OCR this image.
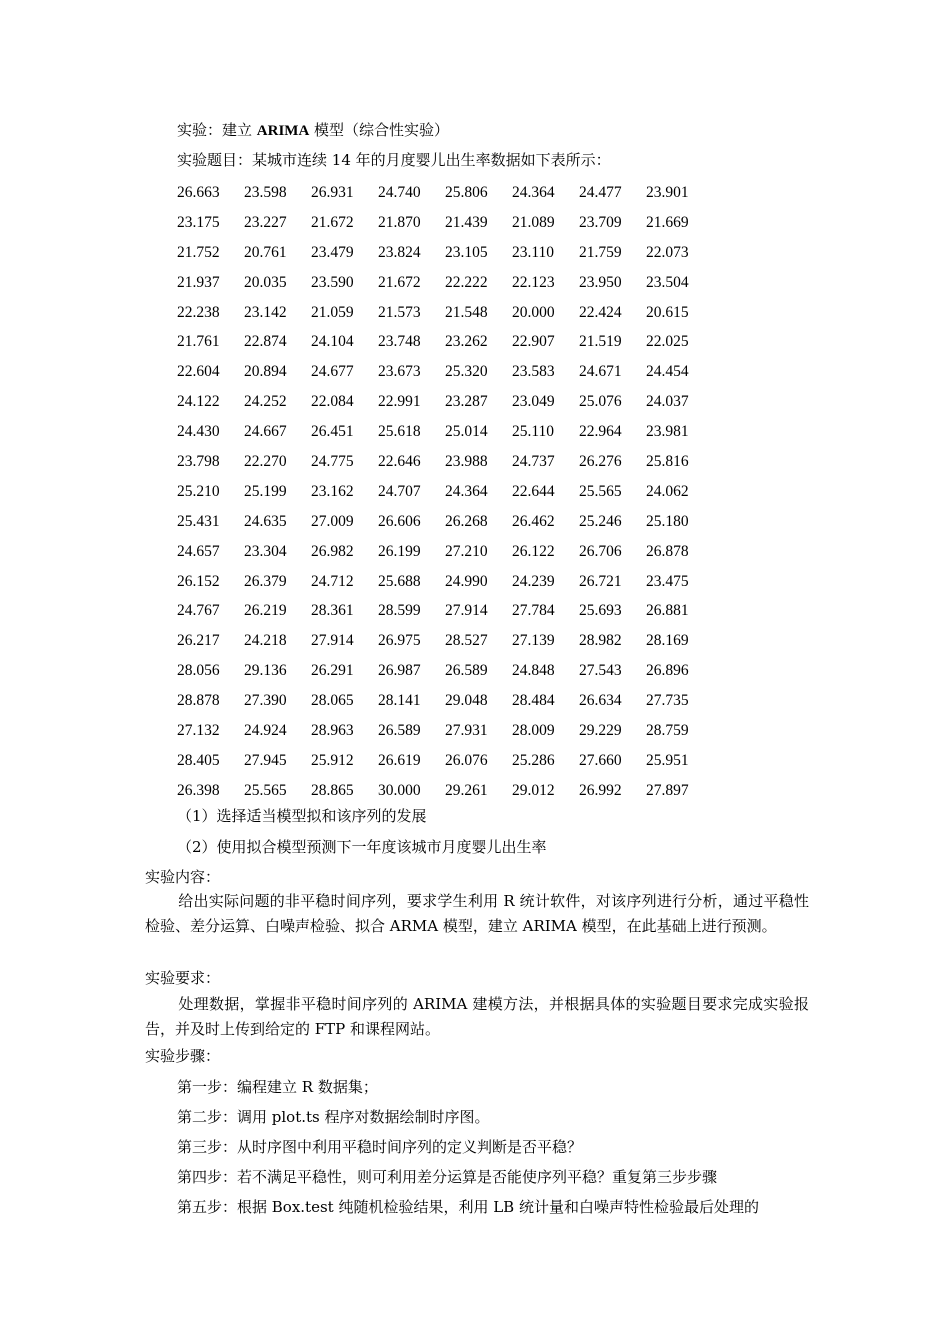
实验：建立 ARIMA 模型（综合性实验）
实验题目：某城市连续 14 年的月度婴儿出生率数据如下表所示：
26.663	23.598	26.931	24.740	25.806	24.364	24.477	23.901
23.175	23.227	21.672	21.870	21.439	21.089	23.709	21.669
21.752	20.761	23.479	23.824	23.105	23.110	21.759	22.073
21.937	20.035	23.590	21.672	22.222	22.123	23.950	23.504
22.238	23.142	21.059	21.573	21.548	20.000	22.424	20.615
21.761	22.874	24.104	23.748	23.262	22.907	21.519	22.025
22.604	20.894	24.677	23.673	25.320	23.583	24.671	24.454
24.122	24.252	22.084	22.991	23.287	23.049	25.076	24.037
24.430	24.667	26.451	25.618	25.014	25.110	22.964	23.981
23.798	22.270	24.775	22.646	23.988	24.737	26.276	25.816
25.210	25.199	23.162	24.707	24.364	22.644	25.565	24.062
25.431	24.635	27.009	26.606	26.268	26.462	25.246	25.180
24.657	23.304	26.982	26.199	27.210	26.122	26.706	26.878
26.152	26.379	24.712	25.688	24.990	24.239	26.721	23.475
24.767	26.219	28.361	28.599	27.914	27.784	25.693	26.881
26.217	24.218	27.914	26.975	28.527	27.139	28.982	28.169
28.056	29.136	26.291	26.987	26.589	24.848	27.543	26.896
28.878	27.390	28.065	28.141	29.048	28.484	26.634	27.735
27.132	24.924	28.963	26.589	27.931	28.009	29.229	28.759
28.405	27.945	25.912	26.619	26.076	25.286	27.660	25.951
26.398	25.565	28.865	30.000	29.261	29.012	26.992	27.897
（1）选择适当模型拟和该序列的发展
（2）使用拟合模型预测下一年度该城市月度婴儿出生率
实验内容：
给出实际问题的非平稳时间序列，要求学生利用 R 统计软件，对该序列进行分析，通过平稳性检验、差分运算、白噪声检验、拟合 ARMA 模型，建立 ARIMA 模型，在此基础上进行预测。
实验要求：
处理数据，掌握非平稳时间序列的 ARIMA 建模方法，并根据具体的实验题目要求完成实验报告，并及时上传到给定的 FTP 和课程网站。
实验步骤：
第一步：编程建立 R 数据集；
第二步：调用 plot.ts 程序对数据绘制时序图。
第三步：从时序图中利用平稳时间序列的定义判断是否平稳？
第四步：若不满足平稳性，则可利用差分运算是否能使序列平稳？重复第三步步骤
第五步：根据 Box.test 纯随机检验结果，利用 LB 统计量和白噪声特性检验最后处理的
